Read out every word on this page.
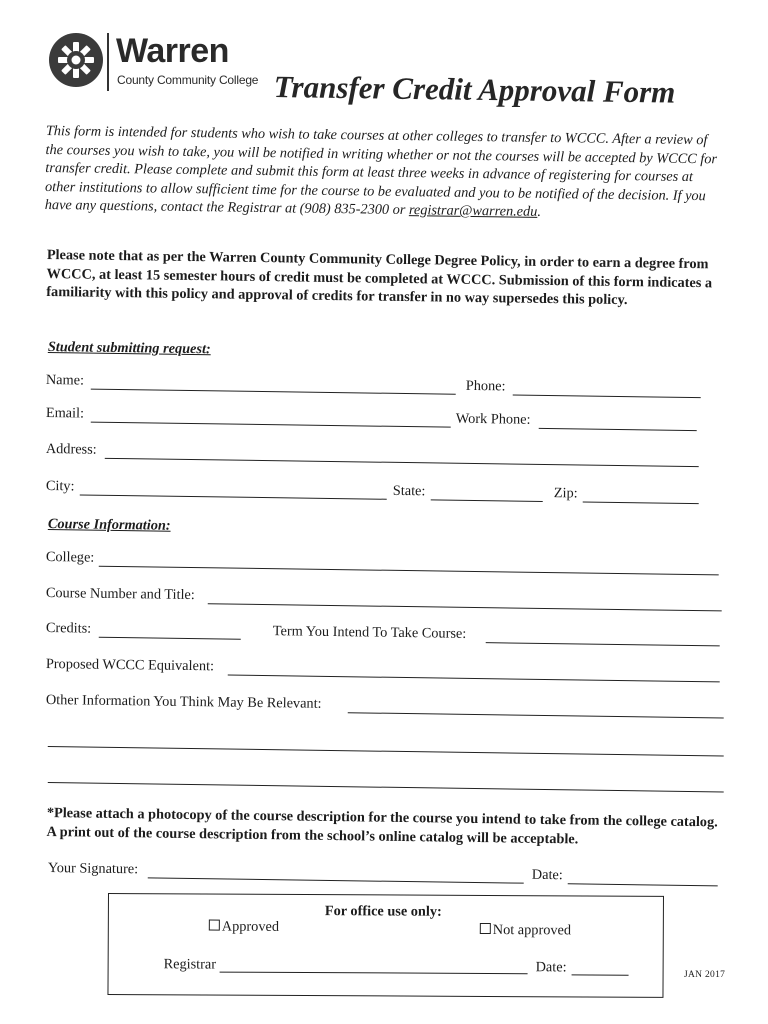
Warren
County Community College Transfer Credit Approval Form
This form is intended for students who wish to take courses at other colleges to transfer to WCCC. After a review of the courses you wish to take, you will be notified in writing whether or not the courses will be accepted by WCCC for transfer credit. Please complete and submit this form at least three weeks in advance of registering for courses at other institutions to allow sufficient time for the course to be evaluated and you to be notified of the decision. If you have any questions, contact the Registrar at (908) 835-2300 or registrar@warren.edu.
Please note that as per the Warren County Community College Degree Policy, in order to earn a degree from WCCC, at least 15 semester hours of credit must be completed at WCCC. Submission of this form indicates a familiarity with this policy and approval of credits for transfer in no way supersedes this policy.
Student submitting request:
Name:	Phone:
Email:	Work Phone:
Address:
City:	State:	Zip:
Course Information:
College:
Course Number and Title:
Credits:	Term You Intend To Take Course:
Proposed WCCC Equivalent:
Other Information You Think May Be Relevant:
*Please attach a photocopy of the course description for the course you intend to take from the college catalog. A print out of the course description from the school’s online catalog will be acceptable.
Your Signature:	Date:
For office use only:
Approved	Not approved
Registrar	Date:	JAN 2017
